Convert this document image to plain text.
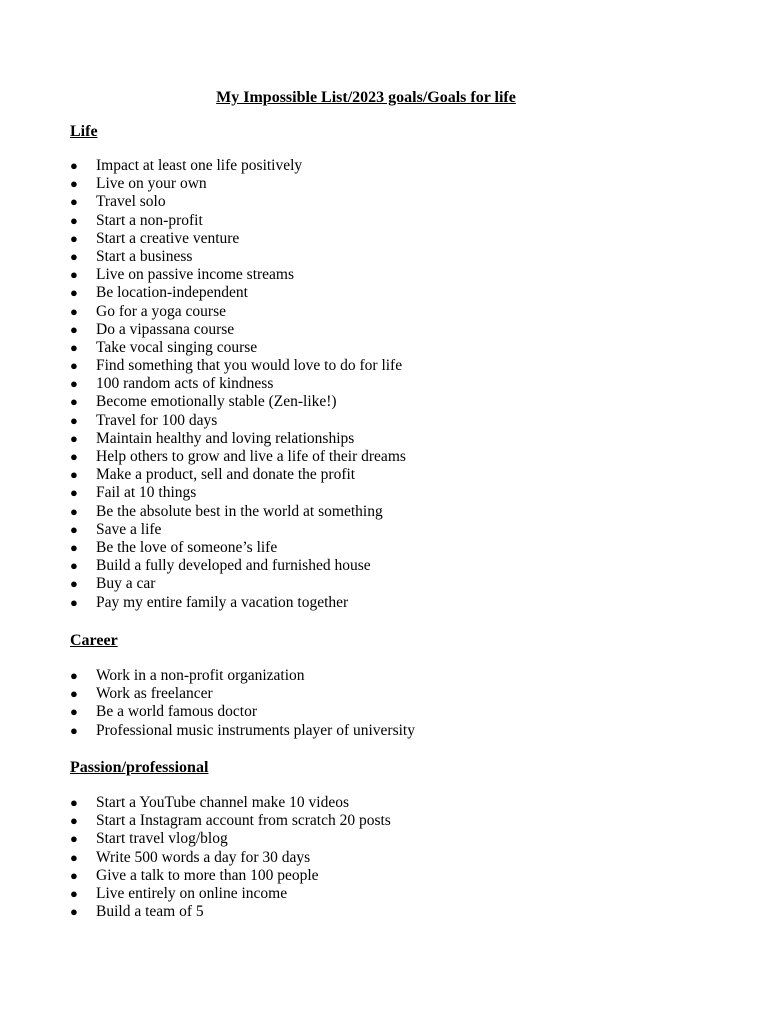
My Impossible List/2023 goals/Goals for life
Life
● Impact at least one life positively
● Live on your own
● Travel solo
● Start a non-profit
● Start a creative venture
● Start a business
● Live on passive income streams
● Be location-independent
● Go for a yoga course
● Do a vipassana course
● Take vocal singing course
● Find something that you would love to do for life
● 100 random acts of kindness
● Become emotionally stable (Zen-like!)
● Travel for 100 days
● Maintain healthy and loving relationships
● Help others to grow and live a life of their dreams
● Make a product, sell and donate the profit
● Fail at 10 things
● Be the absolute best in the world at something
● Save a life
● Be the love of someone’s life
● Build a fully developed and furnished house
● Buy a car
● Pay my entire family a vacation together
Career
● Work in a non-profit organization
● Work as freelancer
● Be a world famous doctor
● Professional music instruments player of university
Passion/professional
● Start a YouTube channel make 10 videos
● Start a Instagram account from scratch 20 posts
● Start travel vlog/blog
● Write 500 words a day for 30 days
● Give a talk to more than 100 people
● Live entirely on online income
● Build a team of 5
